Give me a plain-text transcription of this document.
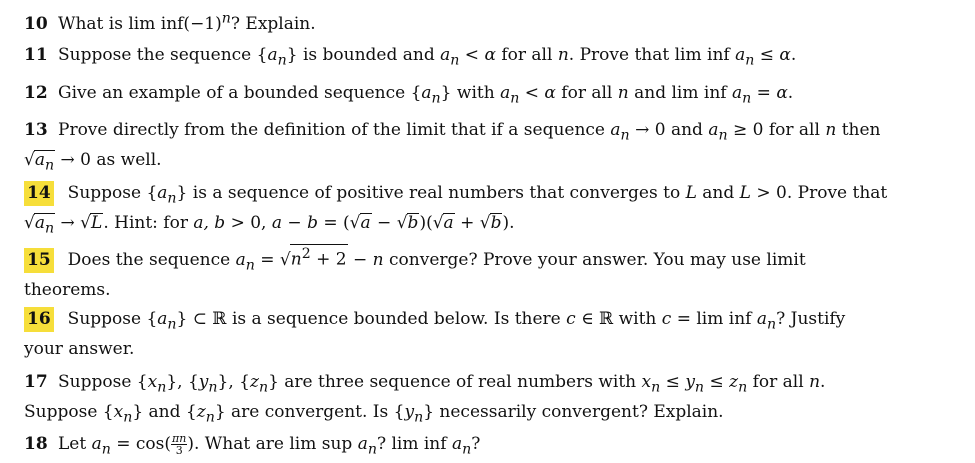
10 What is $\lim inf(-1)^n$? Explain.
11 Suppose the sequence $\{a_n\}$ is bounded and $a_n < \alpha$ for all n. Prove that lim inf $a_n \le \alpha$.
12 Give an example of a bounded sequence $\{a_n\}$ with $a_n < \alpha$ for all n and lim inf $a_n = \alpha$.
13 Prove directly from the definition of the limit that if a sequence $a_n \to 0$ and $a_n \ge 0$ for all n then $√a_n \to 0$ as well.
14 Suppose $\{a_n\}$ is a sequence of positive real numbers that converges to L and L > 0. Prove that $√a_n \to √L$. Hint: for a, b > 0, a − b = (√a − √b)(√a + √b).
15 Does the sequence $a_n = √n^2 + 2 - n$ converge? Prove your answer. You may use limit theorems.
16 Suppose $\{a_n\}$ ⊂ ℝ is a sequence bounded below. Is there c ∈ ℝ with c = lim inf $a_n$? Justify your answer.
17 Suppose $\{x_n\}$, $\{y_n\}$, $\{z_n\}$ are three sequence of real numbers with $x_n \le y_n \le z_n$ for all n. Suppose $\{x_n\}$ and $\{z_n\}$ are convergent. Is $\{y_n\}$ necessarily convergent? Explain.
18 Let $a_n = \cos( \frac{\pi n}{3}$ ). What are lim sup $a_n$? lim inf $a_n$?
